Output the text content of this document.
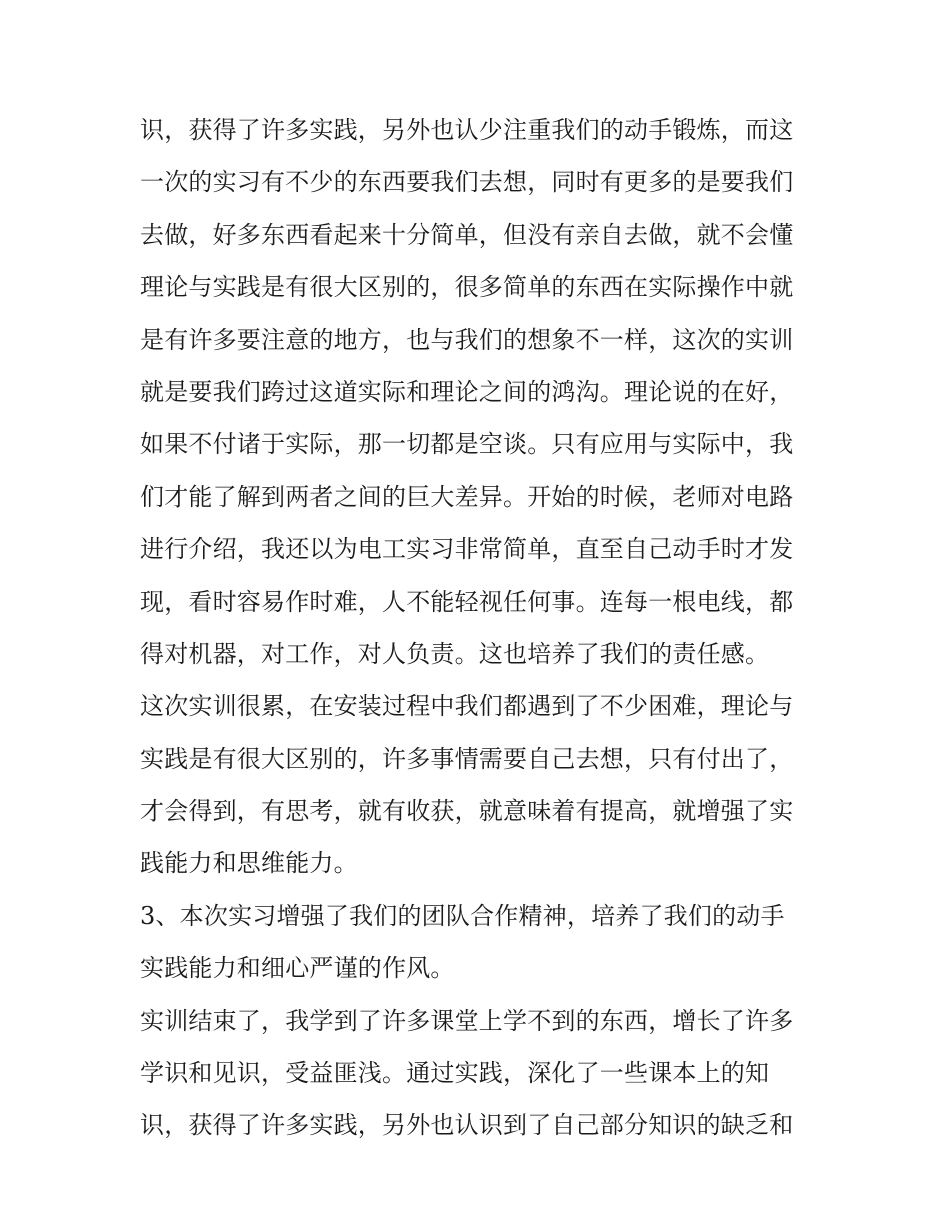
识，获得了许多实践，另外也认少注重我们的动手锻炼，而这
一次的实习有不少的东西要我们去想，同时有更多的是要我们
去做，好多东西看起来十分简单，但没有亲自去做，就不会懂
理论与实践是有很大区别的，很多简单的东西在实际操作中就
是有许多要注意的地方，也与我们的想象不一样，这次的实训
就是要我们跨过这道实际和理论之间的鸿沟。理论说的在好，
如果不付诸于实际，那一切都是空谈。只有应用与实际中，我
们才能了解到两者之间的巨大差异。开始的时候，老师对电路
进行介绍，我还以为电工实习非常简单，直至自己动手时才发
现，看时容易作时难，人不能轻视任何事。连每一根电线，都
得对机器，对工作，对人负责。这也培养了我们的责任感。
这次实训很累，在安装过程中我们都遇到了不少困难，理论与
实践是有很大区别的，许多事情需要自己去想，只有付出了，
才会得到，有思考，就有收获，就意味着有提高，就增强了实
践能力和思维能力。
3、本次实习增强了我们的团队合作精神，培养了我们的动手
实践能力和细心严谨的作风。
实训结束了，我学到了许多课堂上学不到的东西，增长了许多
学识和见识，受益匪浅。通过实践，深化了一些课本上的知
识，获得了许多实践，另外也认识到了自己部分知识的缺乏和
